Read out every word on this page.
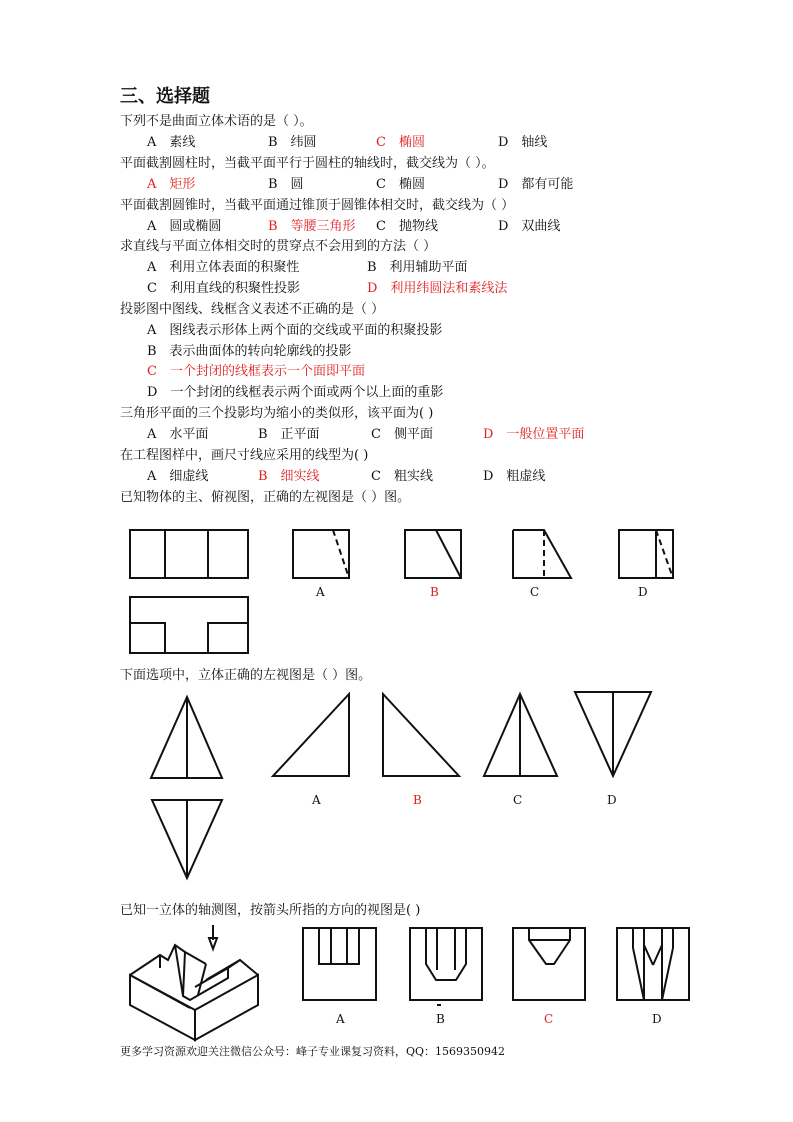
三、选择题
下列不是曲面立体术语的是（ ）。
A　素线	B　纬圆	C　椭圆	D　轴线
平面截割圆柱时，当截平面平行于圆柱的轴线时，截交线为（ ）。
A　矩形	B　圆	C　椭圆	D　都有可能
平面截割圆锥时，当截平面通过锥顶于圆锥体相交时，截交线为（ ）
A　圆或椭圆	B　等腰三角形 C　抛物线	D　双曲线
求直线与平面立体相交时的贯穿点不会用到的方法（ ）
A　利用立体表面的积聚性	B　利用辅助平面
C　利用直线的积聚性投影	D　利用纬圆法和素线法
投影图中图线、线框含义表述不正确的是（ ）
A　图线表示形体上两个面的交线或平面的积聚投影
B　表示曲面体的转向轮廓线的投影
C　一个封闭的线框表示一个面即平面
D　一个封闭的线框表示两个面或两个以上面的重影
三角形平面的三个投影均为缩小的类似形，该平面为( )
A　水平面	B　正平面	C　侧平面	D　一般位置平面
在工程图样中，画尺寸线应采用的线型为( )
A　细虚线	B　细实线	C　粗实线	D　粗虚线
已知物体的主、俯视图，正确的左视图是（ ）图。
A	B	C	D
下面选项中，立体正确的左视图是（ ）图。
A	B	C	D
已知一立体的轴测图，按箭头所指的方向的视图是( )
A	B	C	D
更多学习资源欢迎关注微信公众号：峰子专业课复习资料，QQ：1569350942
